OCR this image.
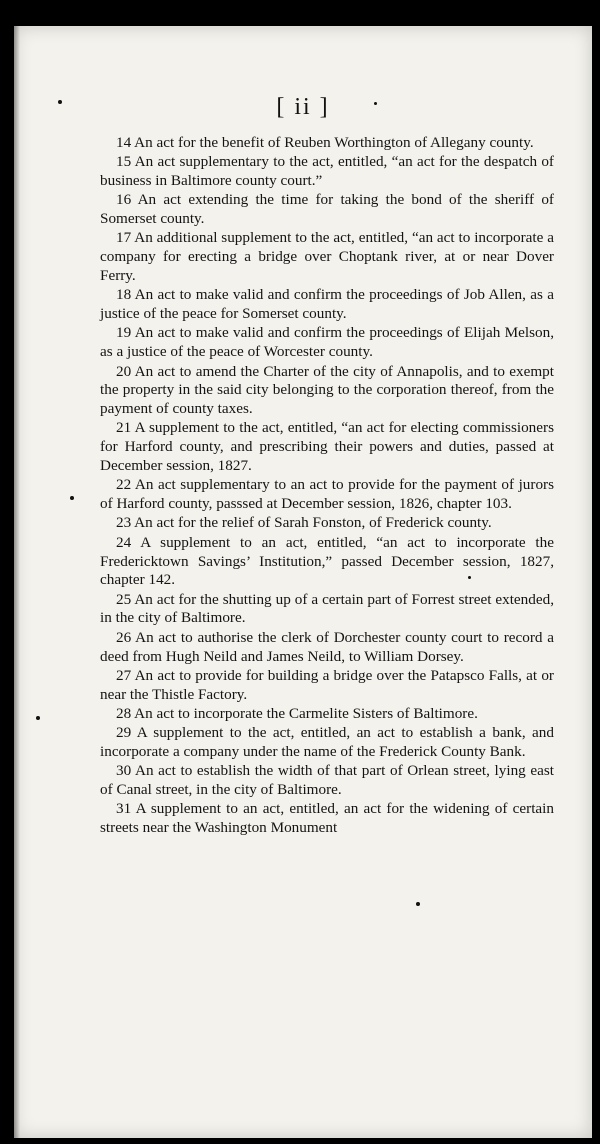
[ ii ]

14 An act for the benefit of Reuben Worthington of Allegany county.

15 An act supplementary to the act, entitled, “an act for the despatch of business in Baltimore county court.”

16 An act extending the time for taking the bond of the sheriff of Somerset county.

17 An additional supplement to the act, entitled, “an act to incorporate a company for erecting a bridge over Choptank river, at or near Dover Ferry.

18 An act to make valid and confirm the proceedings of Job Allen, as a justice of the peace for Somerset county.

19 An act to make valid and confirm the proceedings of Elijah Melson, as a justice of the peace of Worcester county.

20 An act to amend the Charter of the city of Annapolis, and to exempt the property in the said city belonging to the corporation thereof, from the payment of county taxes.

21 A supplement to the act, entitled, “an act for electing commissioners for Harford county, and prescribing their powers and duties, passed at December session, 1827.

22 An act supplementary to an act to provide for the payment of jurors of Harford county, passsed at December session, 1826, chapter 103.

23 An act for the relief of Sarah Fonston, of Frederick county.

24 A supplement to an act, entitled, “an act to incorporate the Fredericktown Savings’ Institution,” passed December session, 1827, chapter 142.

25 An act for the shutting up of a certain part of Forrest street extended, in the city of Baltimore.

26 An act to authorise the clerk of Dorchester county court to record a deed from Hugh Neild and James Neild, to William Dorsey.

27 An act to provide for building a bridge over the Patapsco Falls, at or near the Thistle Factory.

28 An act to incorporate the Carmelite Sisters of Baltimore.

29 A supplement to the act, entitled, an act to establish a bank, and incorporate a company under the name of the Frederick County Bank.

30 An act to establish the width of that part of Orlean street, lying east of Canal street, in the city of Baltimore.

31 A supplement to an act, entitled, an act for the widening of certain streets near the Washington Monument
